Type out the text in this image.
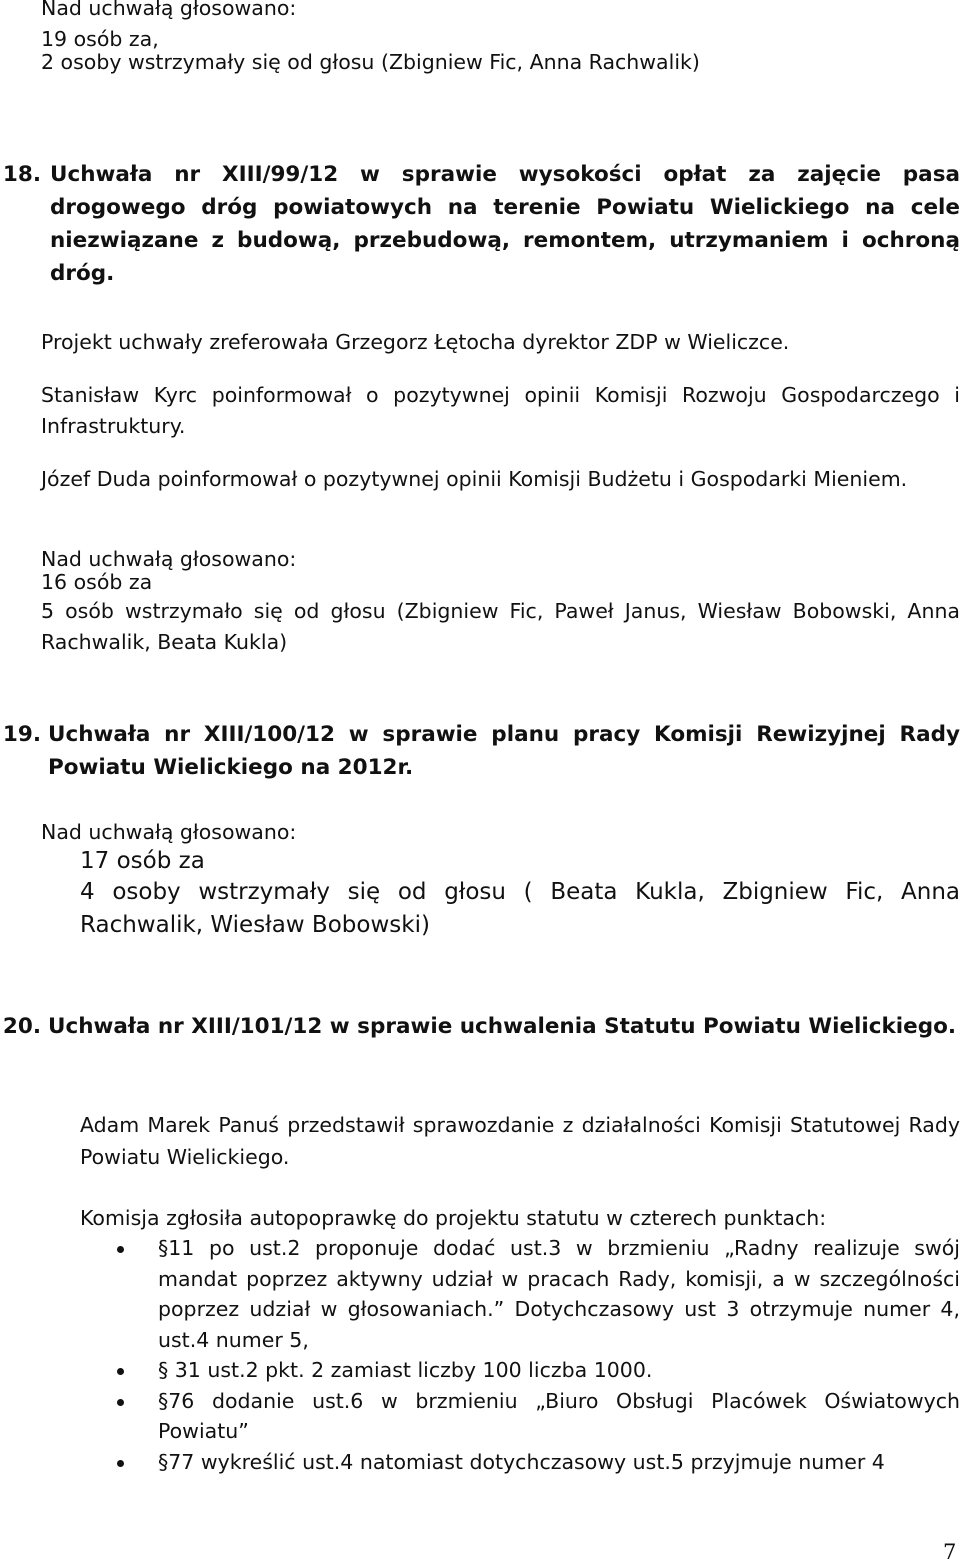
Nad uchwałą głosowano:
19 osób za,
2 osoby wstrzymały się od głosu (Zbigniew Fic, Anna Rachwalik)
18. Uchwała nr XIII/99/12 w sprawie wysokości opłat za zajęcie pasa drogowego dróg powiatowych na terenie Powiatu Wielickiego na cele niezwiązane z budową, przebudową, remontem, utrzymaniem i ochroną dróg.
Projekt uchwały zreferowała Grzegorz Łętocha dyrektor ZDP w Wieliczce.
Stanisław Kyrc poinformował o pozytywnej opinii Komisji Rozwoju Gospodarczego i Infrastruktury.
Józef Duda poinformował o pozytywnej opinii Komisji Budżetu i Gospodarki Mieniem.
Nad uchwałą głosowano:
16 osób za
5 osób wstrzymało się od głosu (Zbigniew Fic, Paweł Janus, Wiesław Bobowski, Anna Rachwalik, Beata Kukla)
19. Uchwała nr XIII/100/12 w sprawie planu pracy Komisji Rewizyjnej Rady Powiatu Wielickiego na 2012r.
Nad uchwałą głosowano:
17 osób za
4 osoby wstrzymały się od głosu ( Beata Kukla, Zbigniew Fic, Anna Rachwalik, Wiesław Bobowski)
20. Uchwała nr XIII/101/12 w sprawie uchwalenia Statutu Powiatu Wielickiego.
Adam Marek Panuś przedstawił sprawozdanie z działalności Komisji Statutowej Rady Powiatu Wielickiego.
Komisja zgłosiła autopoprawkę do projektu statutu w czterech punktach:
§11 po ust.2 proponuje dodać ust.3 w brzmieniu „Radny realizuje swój mandat poprzez aktywny udział w pracach Rady, komisji, a w szczególności poprzez udział w głosowaniach.” Dotychczasowy ust 3 otrzymuje numer 4, ust.4 numer 5,
§ 31 ust.2 pkt. 2 zamiast liczby 100 liczba 1000.
§76 dodanie ust.6 w brzmieniu „Biuro Obsługi Placówek Oświatowych Powiatu”
§77 wykreślić ust.4 natomiast dotychczasowy ust.5 przyjmuje numer 4
7
